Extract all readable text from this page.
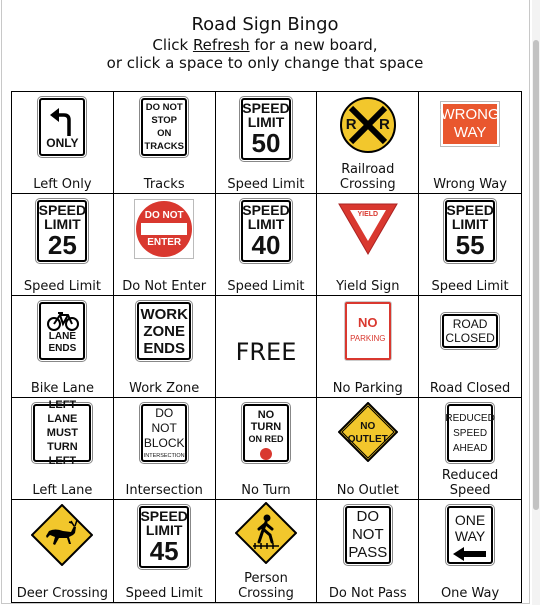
Road Sign Bingo
Click Refresh for a new board,
or click a space to only change that space
ONLY
Left Only
DO NOT
STOP
ON
TRACKS
Tracks
SPEED
LIMIT
50
Speed Limit
R R
Railroad Crossing
WRONG
WAY
Wrong Way
SPEED
LIMIT
25
Speed Limit
DO NOT
ENTER
Do Not Enter
SPEED
LIMIT
40
Speed Limit
YIELD
Yield Sign
SPEED
LIMIT
55
Speed Limit
LANE
ENDS
Bike Lane
WORK
ZONE
ENDS
Work Zone
FREE
NO
PARKING
No Parking
ROAD
CLOSED
Road Closed
LEFT LANE
MUST
TURN LEFT
Left Lane
DO NOT
BLOCK
INTERSECTION
Intersection
NO
TURN
ON RED
No Turn
NO
OUTLET
No Outlet
REDUCED
SPEED
AHEAD
Reduced Speed
Deer Crossing
SPEED
LIMIT
45
Speed Limit
Person Crossing
DO
NOT
PASS
Do Not Pass
ONE
WAY
One Way
